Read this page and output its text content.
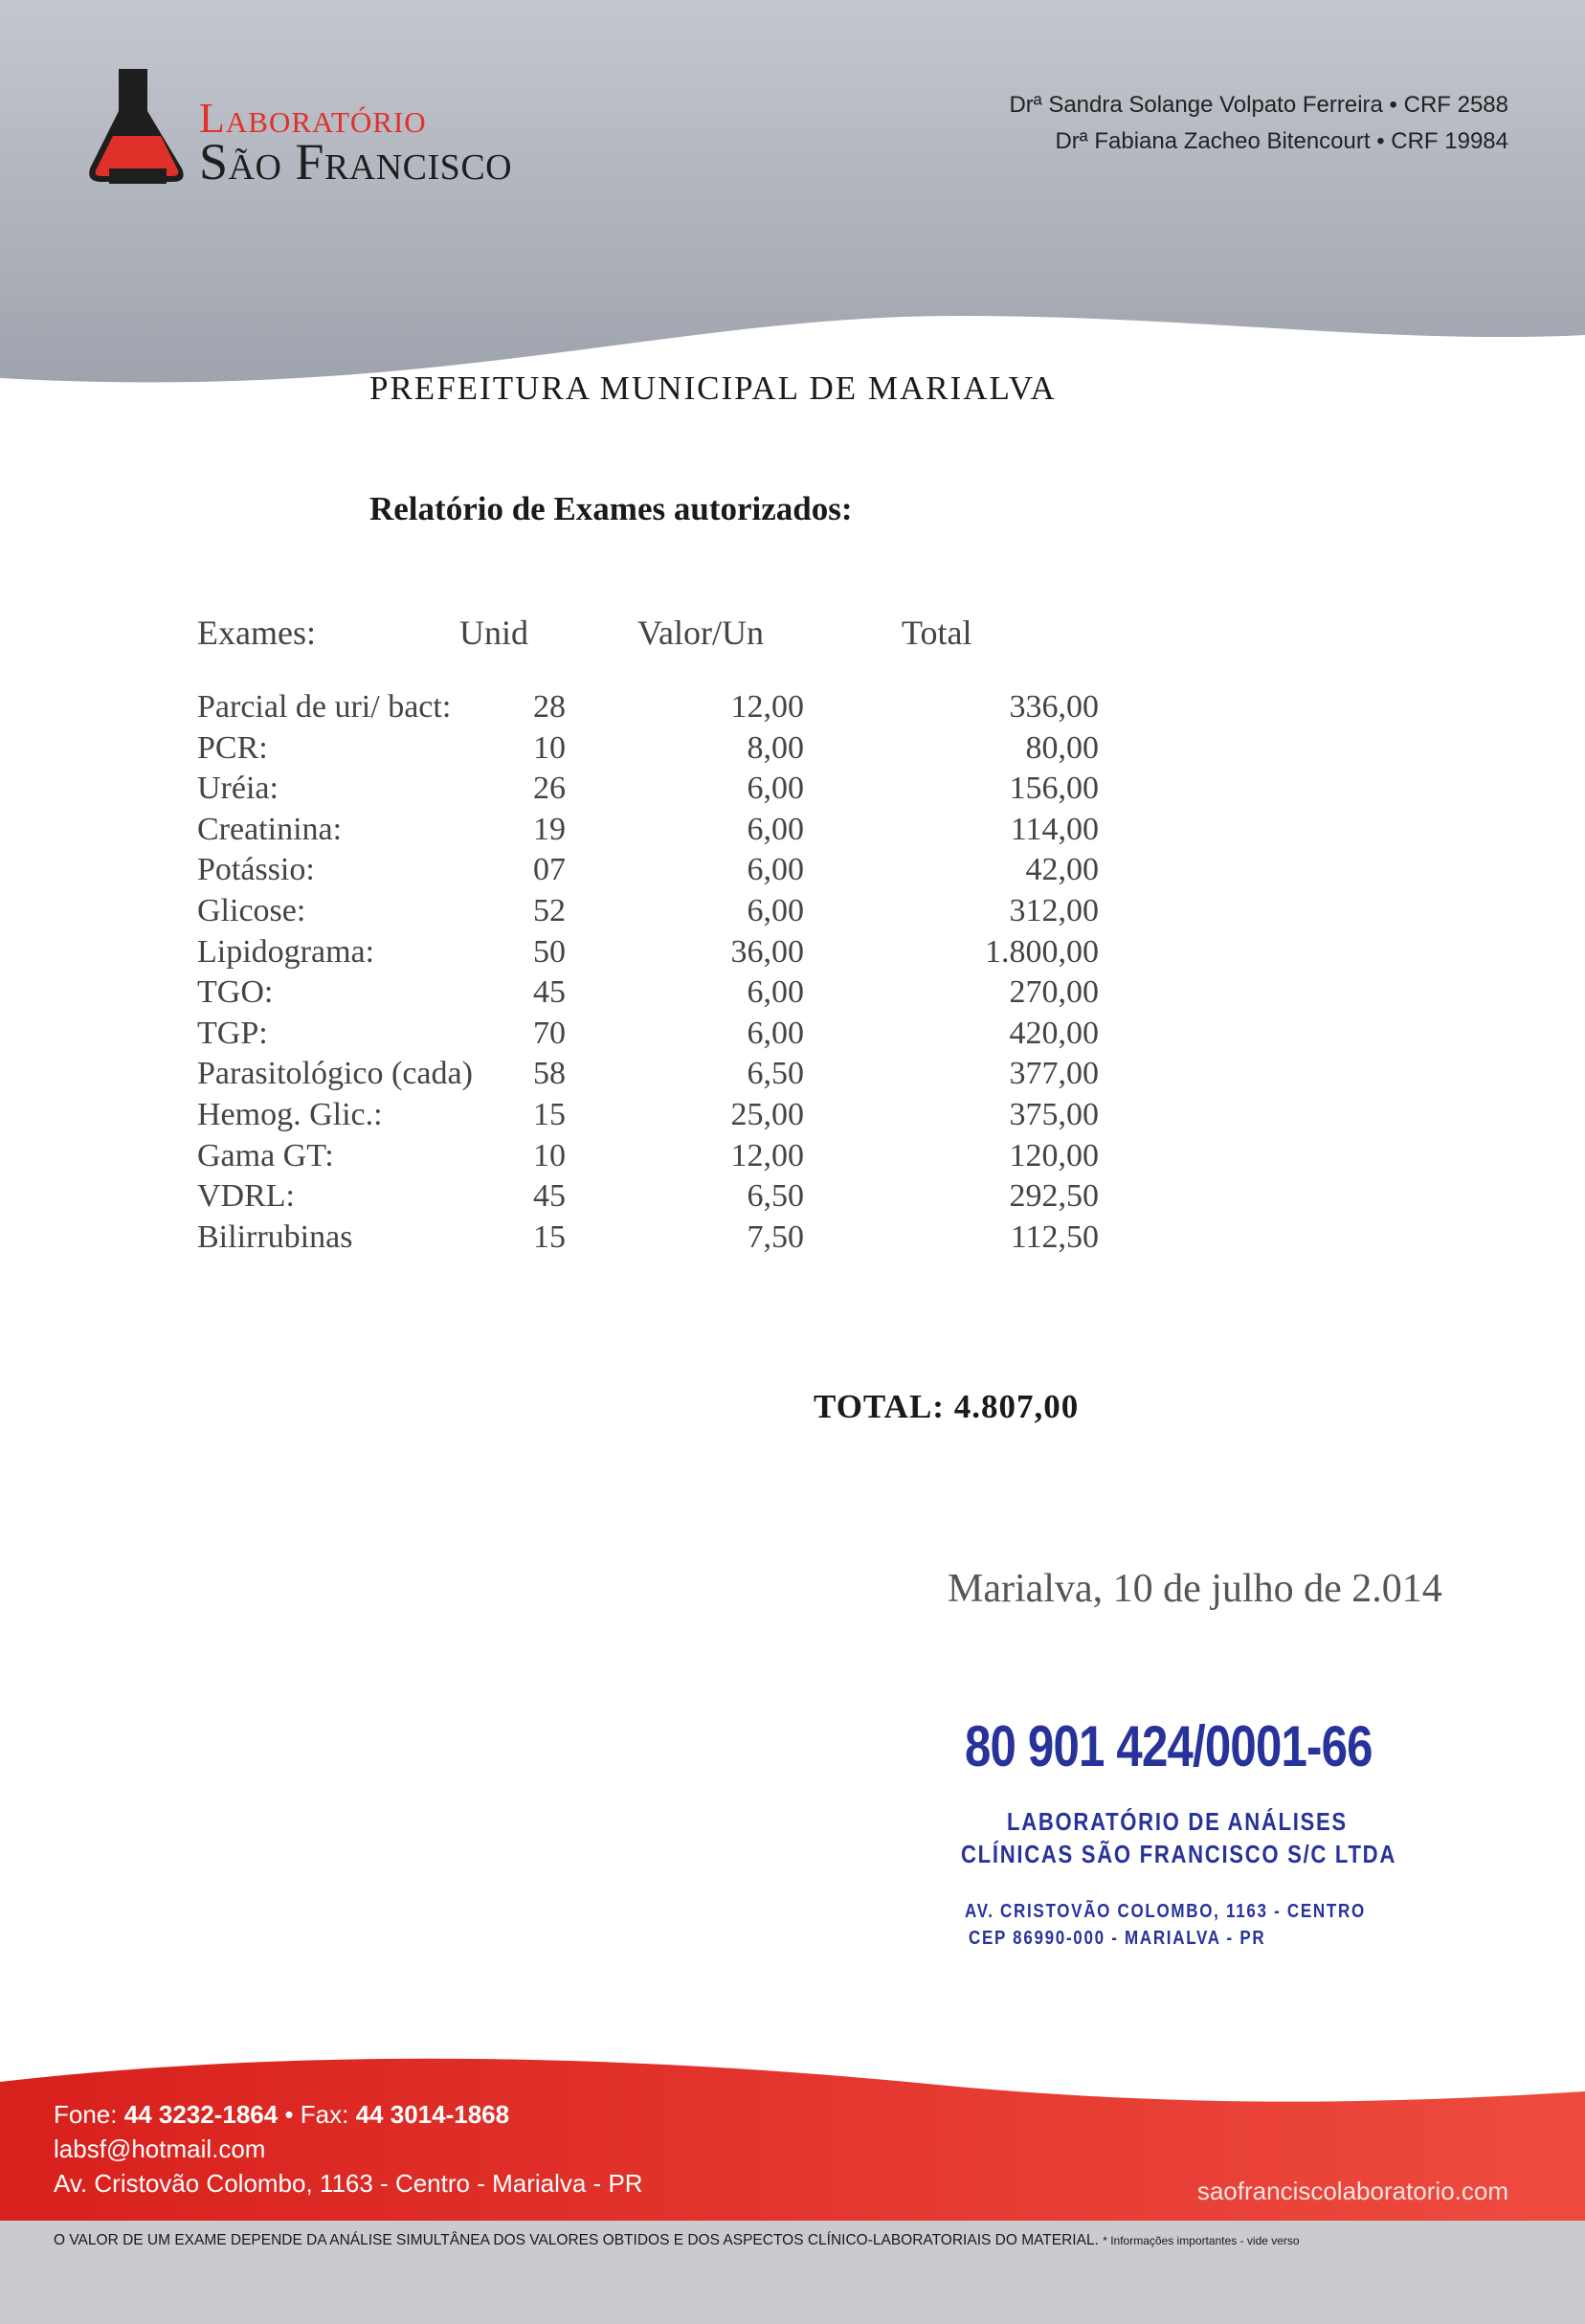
Laboratório
São Francisco
Drª Sandra Solange Volpato Ferreira • CRF 2588
Drª Fabiana Zacheo Bitencourt • CRF 19984
PREFEITURA MUNICIPAL DE MARIALVA
Relatório de Exames autorizados:
Exames:	Unid	Valor/Un	Total
Parcial de uri/ bact:	28	12,00	336,00
PCR:	10	8,00	80,00
Uréia:	26	6,00	156,00
Creatinina:	19	6,00	114,00
Potássio:	07	6,00	42,00
Glicose:	52	6,00	312,00
Lipidograma:	50	36,00	1.800,00
TGO:	45	6,00	270,00
TGP:	70	6,00	420,00
Parasitológico (cada) 58	6,50	377,00
Hemog. Glic.:	15	25,00	375,00
Gama GT:	10	12,00	120,00
VDRL:	45	6,50	292,50
Bilirrubinas	15	7,50	112,50
TOTAL: 4.807,00
Marialva, 10 de julho de 2.014
80 901 424/0001-66
LABORATÓRIO DE ANÁLISES
CLÍNICAS SÃO FRANCISCO S/C LTDA
AV. CRISTOVÃO COLOMBO, 1163 - CENTRO
CEP 86990-000 - MARIALVA - PR
Fone: 44 3232-1864 • Fax: 44 3014-1868
labsf@hotmail.com
Av. Cristovão Colombo, 1163 - Centro - Marialva - PR	saofranciscolaboratorio.com
O VALOR DE UM EXAME DEPENDE DA ANÁLISE SIMULTÂNEA DOS VALORES OBTIDOS E DOS ASPECTOS CLÍNICO-LABORATORIAIS DO MATERIAL. * Informações importantes - vide verso
